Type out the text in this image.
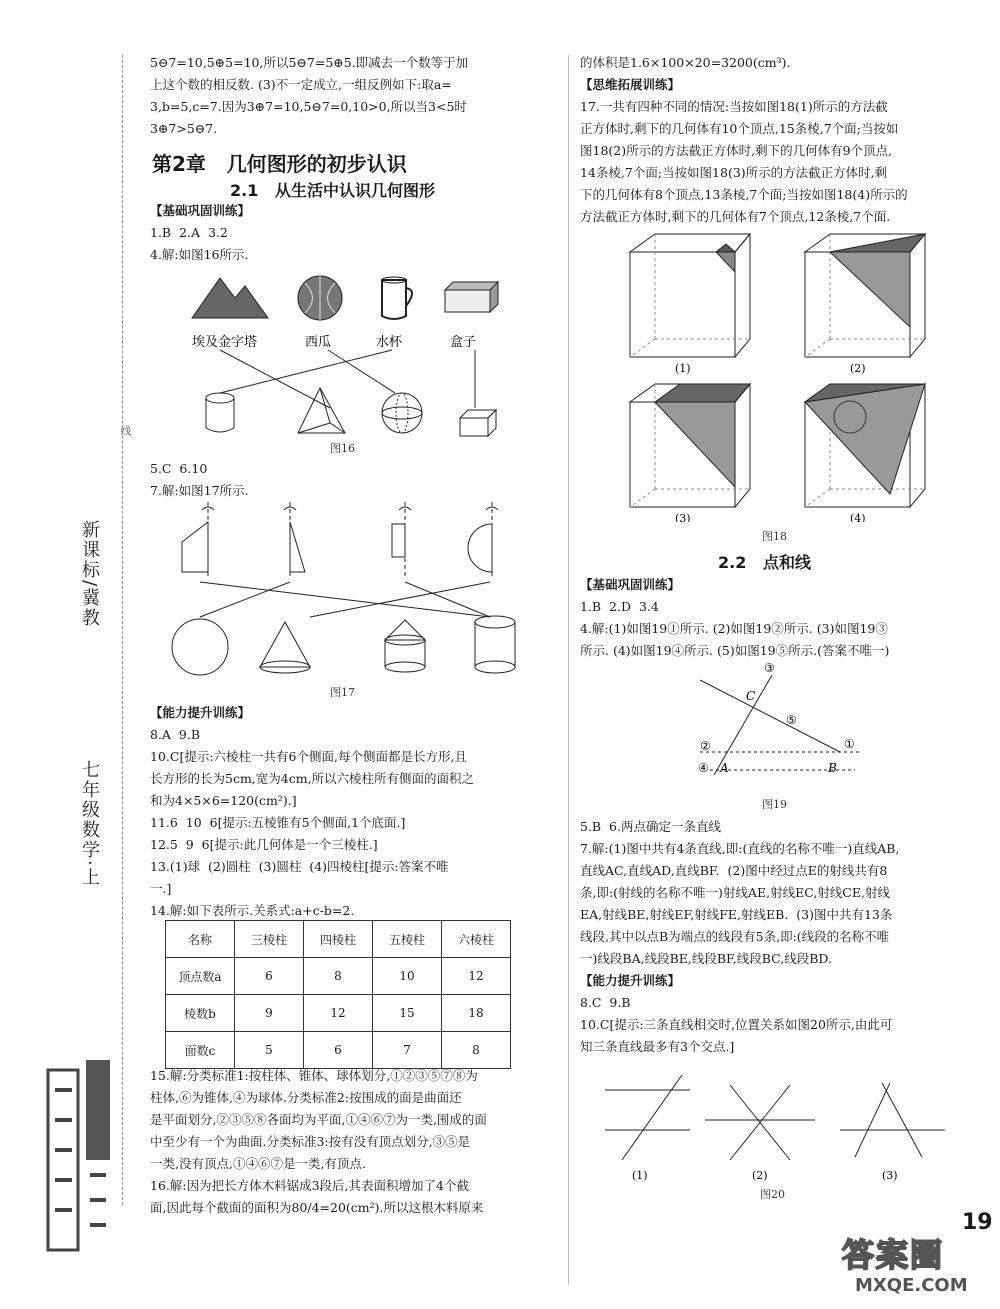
新课标/冀教
七年级数学·上
线
5⊖7=10,5⊕5=10,所以5⊖7=5⊕5.即减去一个数等于加
上这个数的相反数. (3)不一定成立,一组反例如下:取a=
3,b=5,c=7.因为3⊕7=10,5⊖7=0,10>0,所以当3<5时
3⊕7>5⊖7.
第2章   几何图形的初步认识
2.1   从生活中认识几何图形
【基础巩固训练】
1.B  2.A  3.2
4.解:如图16所示.
埃及金字塔	西瓜	水杯	盒子
图16
5.C  6.10
7.解:如图17所示.
图17
【能力提升训练】
8.A  9.B
10.C[提示:六棱柱一共有6个侧面,每个侧面都是长方形,且
长方形的长为5cm,宽为4cm,所以六棱柱所有侧面的面积之
和为4×5×6=120(cm²).]
11.6  10  6[提示:五棱锥有5个侧面,1个底面.]
12.5  9  6[提示:此几何体是一个三棱柱.]
13.(1)球  (2)圆柱  (3)圆柱  (4)四棱柱[提示:答案不唯
一.]
14.解:如下表所示.关系式:a+c-b=2.
名称	三棱柱	四棱柱	五棱柱	六棱柱
顶点数a	6	8	10	12
棱数b	9	12	15	18
面数c	5	6	7	8
15.解:分类标准1:按柱体、锥体、球体划分,①②③⑤⑦⑧为
柱体,⑥为锥体,④为球体.分类标准2:按围成的面是曲面还
是平面划分,②③⑤⑧各面均为平面,①④⑥⑦为一类,围成的面
中至少有一个为曲面.分类标准3:按有没有顶点划分,③⑤是
一类,没有顶点,①④⑥⑦是一类,有顶点.
16.解:因为把长方体木料锯成3段后,其表面积增加了4个截
面,因此每个截面的面积为80/4=20(cm²).所以这根木料原来
的体积是1.6×100×20=3200(cm³).
【思维拓展训练】
17.一共有四种不同的情况:当按如图18(1)所示的方法截
正方体时,剩下的几何体有10个顶点,15条棱,7个面;当按如
图18(2)所示的方法截正方体时,剩下的几何体有9个顶点,
14条棱,7个面;当按如图18(3)所示的方法截正方体时,剩
下的几何体有8个顶点,13条棱,7个面;当按如图18(4)所示的
方法截正方体时,剩下的几何体有7个顶点,12条棱,7个面.
(1)	(2)
(3)	(4)
图18
2.2   点和线
【基础巩固训练】
1.B  2.D  3.4
4.解:(1)如图19①所示. (2)如图19②所示. (3)如图19③
所示. (4)如图19④所示. (5)如图19⑤所示.(答案不唯一)
③
C
⑤
②	①
④ A	B
图19
5.B  6.两点确定一条直线
7.解:(1)图中共有4条直线,即:(直线的名称不唯一)直线AB,
直线AC,直线AD,直线BF.  (2)图中经过点E的射线共有8
条,即:(射线的名称不唯一)射线AE,射线EC,射线CE,射线
EA,射线BE,射线EF,射线FE,射线EB.  (3)图中共有13条
线段,其中以点B为端点的线段有5条,即:(线段的名称不唯
一)线段BA,线段BE,线段BF,线段BC,线段BD.
【能力提升训练】
8.C  9.B
10.C[提示:三条直线相交时,位置关系如图20所示,由此可
知三条直线最多有3个交点.]
(1)	(2)	(3)
图20
19
答案圈
MXQE.COM
